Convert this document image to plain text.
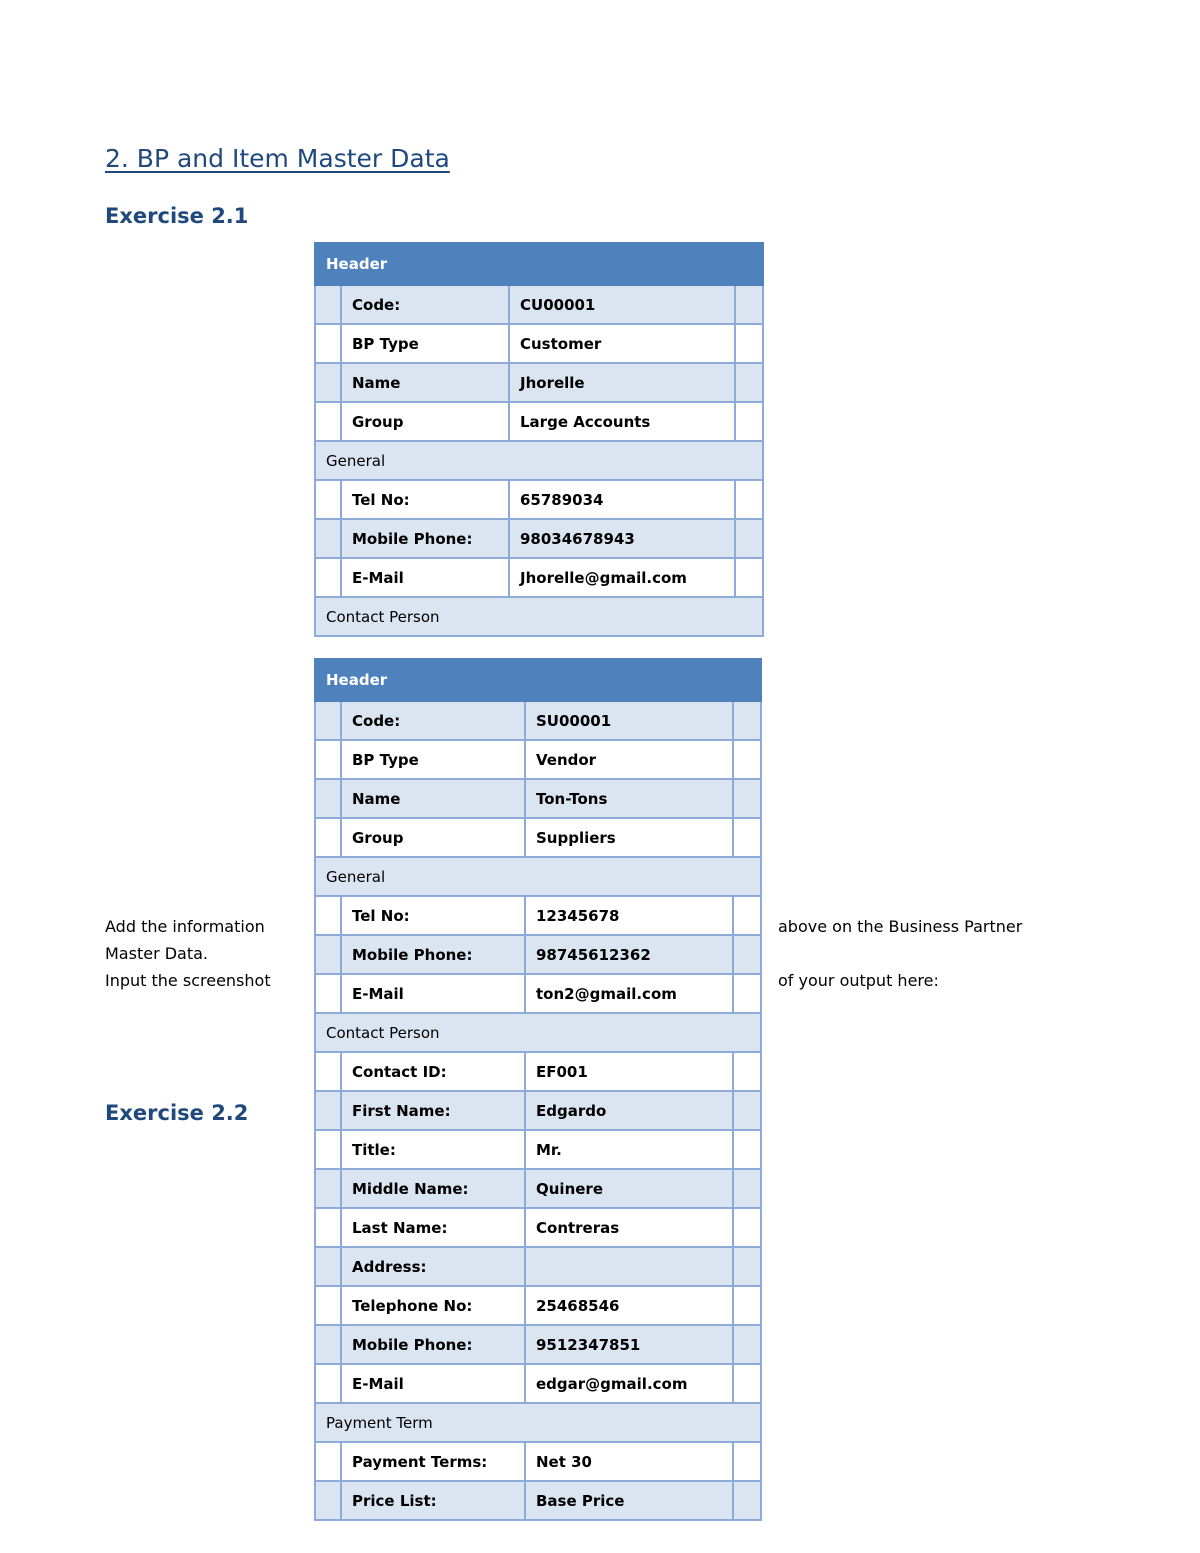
2. BP and Item Master Data
Exercise 2.1
Exercise 2.2

Add the information
Master Data.
Input the screenshot

above on the Business Partner

of your output here:

Header			
	Code:	CU00001	
	BP Type	Customer	
	Name	Jhorelle	
	Group	Large Accounts	
General			
	Tel No:	65789034	
	Mobile Phone:	98034678943	
	E-Mail	Jhorelle@gmail.com	
Contact Person			
Header			
	Code:	SU00001	
	BP Type	Vendor	
	Name	Ton-Tons	
	Group	Suppliers	
General			
	Tel No:	12345678	
	Mobile Phone:	98745612362	
	E-Mail	ton2@gmail.com	
Contact Person			
	Contact ID:	EF001	
	First Name:	Edgardo	
	Title:	Mr.	
	Middle Name:	Quinere	
	Last Name:	Contreras	
	Address:		
	Telephone No:	25468546	
	Mobile Phone:	9512347851	
	E-Mail	edgar@gmail.com	
Payment Term			
	Payment Terms:	Net 30	
	Price List:	Base Price	
